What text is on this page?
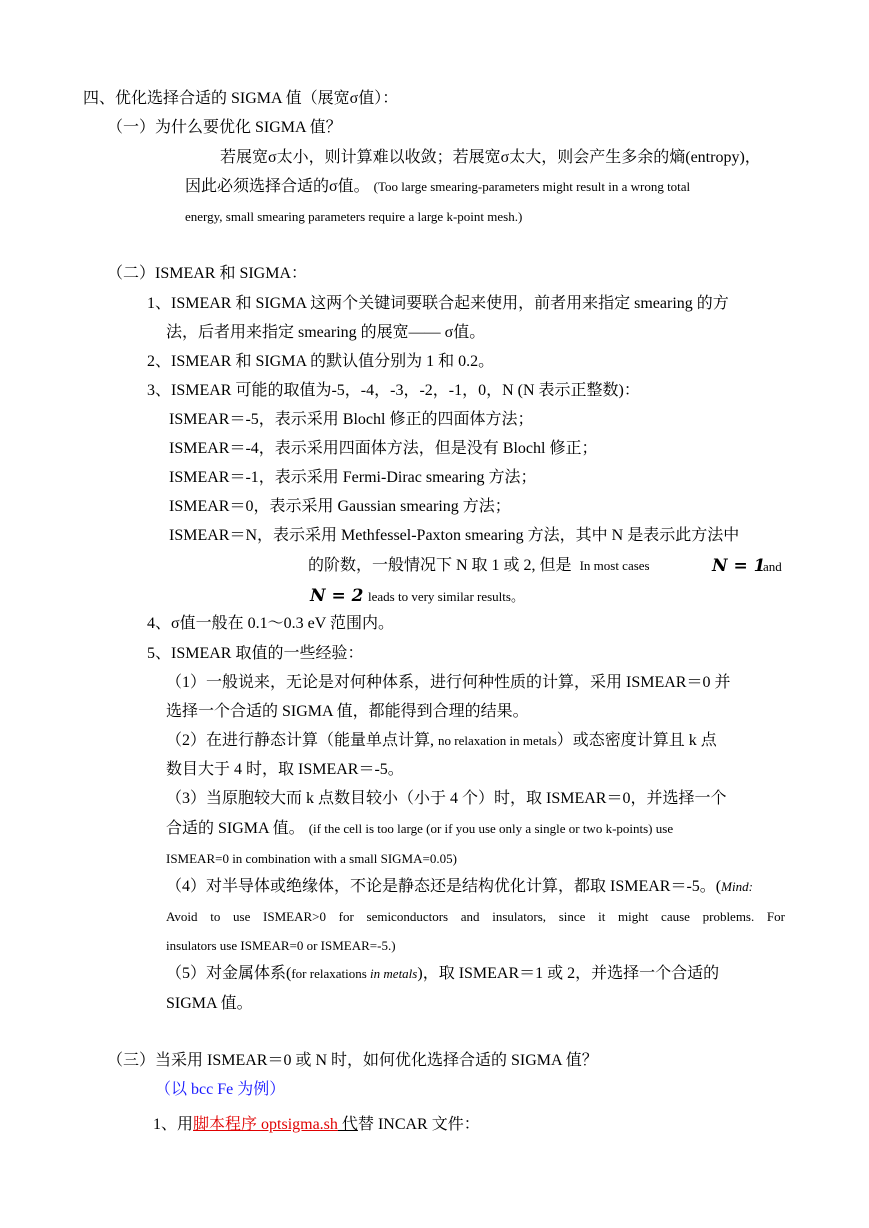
四、优化选择合适的 SIGMA 值（展宽σ值）：
（一）为什么要优化 SIGMA 值？
若展宽σ太小，则计算难以收敛；若展宽σ太大，则会产生多余的熵(entropy)，
因此必须选择合适的σ值。 (Too large smearing-parameters might result in a wrong total
energy, small smearing parameters require a large k-point mesh.)
（二）ISMEAR 和 SIGMA：
1、ISMEAR 和 SIGMA 这两个关键词要联合起来使用，前者用来指定 smearing 的方
法，后者用来指定 smearing 的展宽—— σ值。
2、ISMEAR 和 SIGMA 的默认值分别为 1 和 0.2。
3、ISMEAR 可能的取值为-5，-4，-3，-2，-1，0，N (N 表示正整数)：
ISMEAR＝-5，表示采用 Blochl 修正的四面体方法；
ISMEAR＝-4，表示采用四面体方法，但是没有 Blochl 修正；
ISMEAR＝-1，表示采用 Fermi-Dirac smearing 方法；
ISMEAR＝0，表示采用 Gaussian smearing 方法；
ISMEAR＝N，表示采用 Methfessel-Paxton smearing 方法，其中 N 是表示此方法中
的阶数，一般情况下 N 取 1 或 2, 但是 In most cases	N = 1
and
N = 2 leads to very similar results。
4、σ值一般在 0.1～0.3 eV 范围内。
5、ISMEAR 取值的一些经验：
（1）一般说来，无论是对何种体系，进行何种性质的计算，采用 ISMEAR＝0 并
选择一个合适的 SIGMA 值，都能得到合理的结果。
（2）在进行静态计算（能量单点计算, no relaxation in metals）或态密度计算且 k 点
数目大于 4 时，取 ISMEAR＝-5。
（3）当原胞较大而 k 点数目较小（小于 4 个）时，取 ISMEAR＝0，并选择一个
合适的 SIGMA 值。 (if the cell is too large (or if you use only a single or two k-points) use
ISMEAR=0 in combination with a small SIGMA=0.05)
（4）对半导体或绝缘体，不论是静态还是结构优化计算，都取 ISMEAR＝-5。(Mind:
Avoid to use ISMEAR>0 for semiconductors and insulators, since it might cause problems. For
insulators use ISMEAR=0 or ISMEAR=-5.)
（5）对金属体系(for relaxations in metals)，取 ISMEAR＝1 或 2，并选择一个合适的
SIGMA 值。
（三）当采用 ISMEAR＝0 或 N 时，如何优化选择合适的 SIGMA 值？
（以 bcc Fe 为例）
1、用脚本程序 optsigma.sh 代替 INCAR 文件：
